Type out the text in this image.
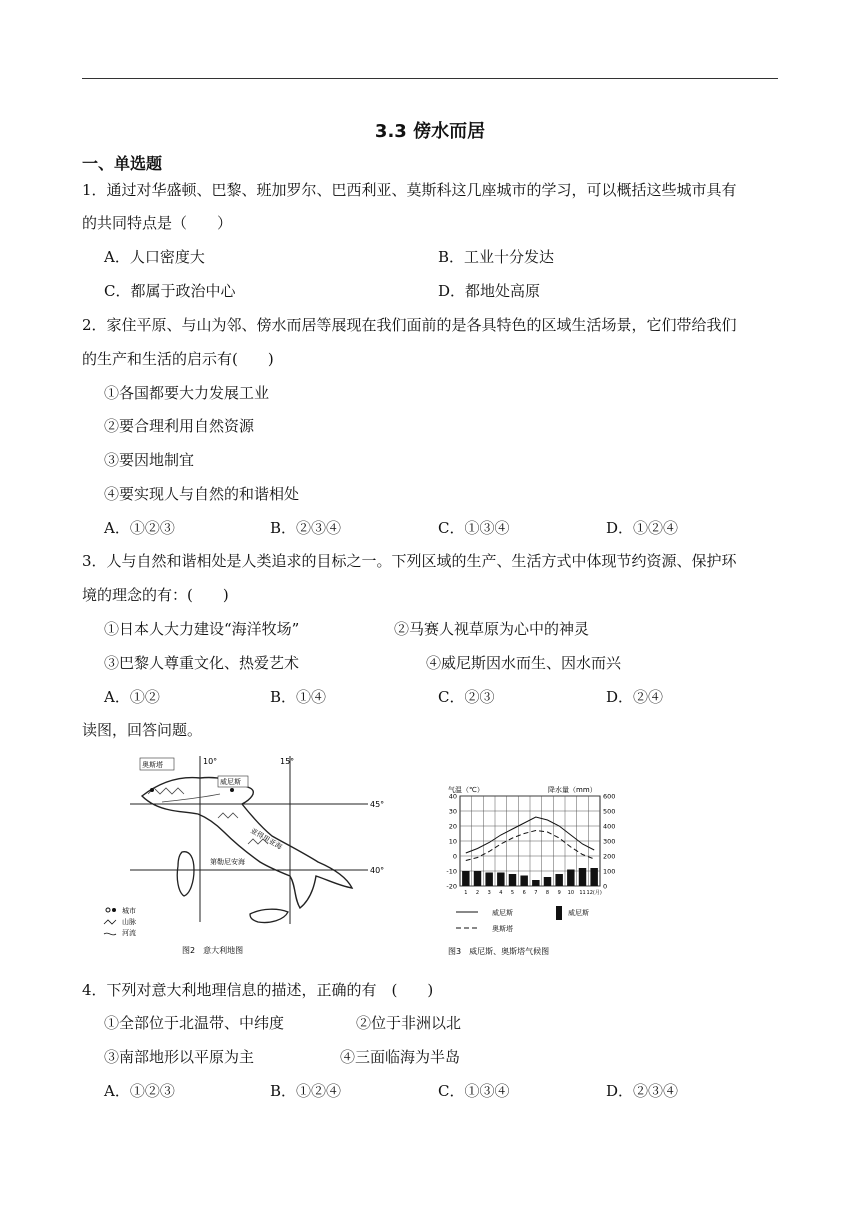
3.3 傍水而居
一、单选题
1．通过对华盛顿、巴黎、班加罗尔、巴西利亚、莫斯科这几座城市的学习，可以概括这些城市具有
的共同特点是（　　）
A．人口密度大	B．工业十分发达
C．都属于政治中心	D．都地处高原
2．家住平原、与山为邻、傍水而居等展现在我们面前的是各具特色的区域生活场景，它们带给我们
的生产和生活的启示有(　　)
①各国都要大力发展工业
②要合理利用自然资源
③要因地制宜
④要实现人与自然的和谐相处
A．①②③	B．②③④	C．①③④	D．①②④
3．人与自然和谐相处是人类追求的目标之一。下列区域的生产、生活方式中体现节约资源、保护环
境的理念的有：(　　)
①日本人大力建设“海洋牧场”	②马赛人视草原为心中的神灵
③巴黎人尊重文化、热爱艺术	④威尼斯因水而生、因水而兴
A．①②	B．①④	C．②③	D．②④
读图，回答问题。
10°	15°
45°
40°
奥斯塔
威尼斯
亚得里亚海
第勒尼安海
城市
山脉
河流
图2　意大利地图
气温（℃）	降水量（mm）
40
30
20
10
0
-10
-20
600
500
400
300
200
100
0
1 2 3 4 5 6 7 8 9 10 11 12(月)
威尼斯
奥斯塔
威尼斯
图3　威尼斯、奥斯塔气候图
4．下列对意大利地理信息的描述，正确的有　(　　)
①全部位于北温带、中纬度	②位于非洲以北
③南部地形以平原为主	④三面临海为半岛
A．①②③	B．①②④	C．①③④	D．②③④
